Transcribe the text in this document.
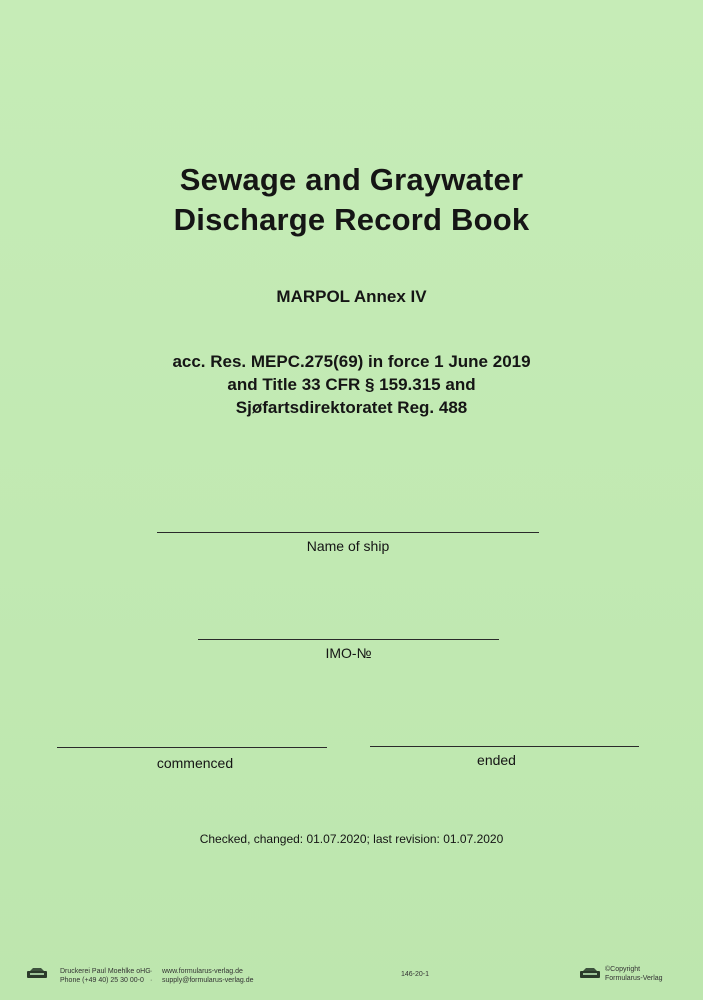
Sewage and Graywater
Discharge Record Book
MARPOL Annex IV
acc. Res. MEPC.275(69) in force 1 June 2019
and Title 33 CFR § 159.315 and
Sjøfartsdirektoratet Reg. 488
Name of ship
IMO-№
commenced	ended
Checked, changed: 01.07.2020; last revision: 01.07.2020
Druckerei Paul Moehlke oHG
Phone (+49 40) 25 30 00-0
·
·
www.formularus-verlag.de
supply@formularus-verlag.de
146-20-1
©Copyright
Formularus-Verlag
